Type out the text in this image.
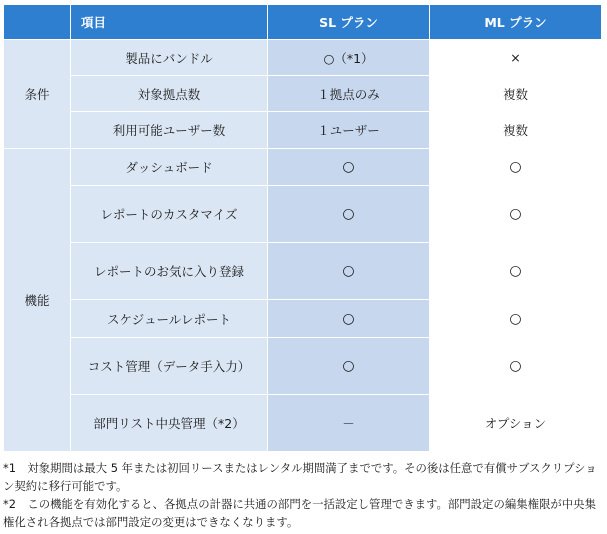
	項目	SL プラン	ML プラン
条件	製品にバンドル	○（*1）	×
	対象拠点数	１拠点のみ	複数
	利用可能ユーザー数	１ユーザー	複数
機能	ダッシュボード	○	○
	レポートのカスタマイズ	○	○
	レポートのお気に入り登録	○	○
	スケジュールレポート	○	○
	コスト管理（データ手入力）	○	○
	部門リスト中央管理（*2）	－	オプション

*1　対象期間は最大 5 年または初回リースまたはレンタル期間満了までです。その後は任意で有償サブスクリプション契約に移行可能です。

*2　この機能を有効化すると、各拠点の計器に共通の部門を一括設定し管理できます。部門設定の編集権限が中央集権化され各拠点では部門設定の変更はできなくなります。
